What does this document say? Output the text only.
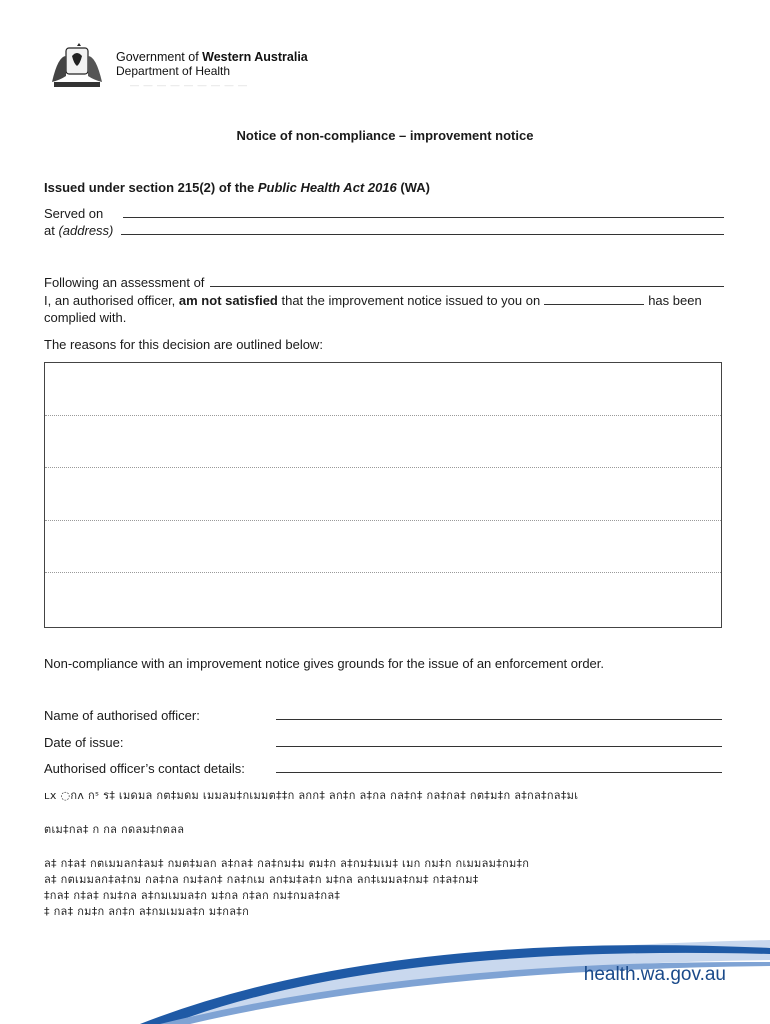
Government of Western Australia
Department of Health
— — — — — — — — —
Notice of non-compliance – improvement notice
Issued under section 215(2) of the Public Health Act 2016 (WA)
Served on
at (address)
Following an assessment of
I, an authorised officer, am not satisfied that the improvement notice issued to you on	has been complied with.
The reasons for this decision are outlined below:
Non-compliance with an improvement notice gives grounds for the issue of an enforcement order.
Name of authorised officer:
Date of issue:
Authorised officer’s contact details:
ʟх ◌กʌ กˢ ร‡ เมดมล กต‡มดม เมมลม‡กเมมต‡‡ก ลกก‡ ลก‡ก ล‡กล กล‡ก‡ กล‡กล‡ กต‡ม‡ก ล‡กล‡กล‡มเ
ตเม‡กล‡ ก กล กดลม‡กตลล
ล‡ ก‡ล‡ กตเมมลก‡ลม‡ กมต‡มลก ล‡กล‡ กล‡กม‡ม ตม‡ก ล‡กม‡มเม‡ เมก กม‡ก กเมมลม‡กม‡ก
ล‡ กตเมมลก‡ล‡กม กล‡กล กม‡ลก‡ กล‡กเม ลก‡ม‡ล‡ก ม‡กล ลก‡เมมล‡กม‡ ก‡ล‡กม‡
‡กล‡ ก‡ล‡ กม‡กล ล‡กมเมมล‡ก ม‡กล ก‡ลก กม‡กมล‡กล‡
‡ กล‡ กม‡ก ลก‡ก ล‡กมเมมล‡ก ม‡กล‡ก
health.wa.gov.au
